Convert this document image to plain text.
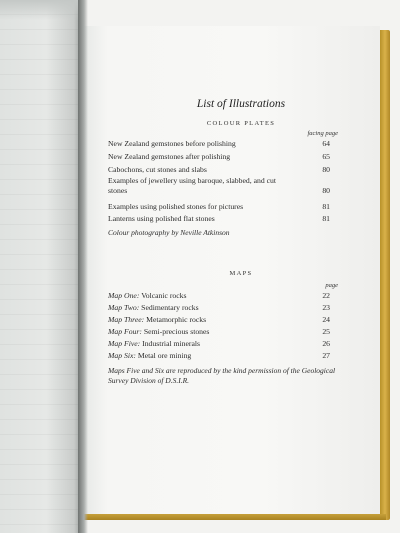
List of Illustrations
COLOUR PLATES
facing page
New Zealand gemstones before polishing	64
New Zealand gemstones after polishing	65
Cabochons, cut stones and slabs	80
Examples of jewellery using baroque, slabbed, and cut stones	80
Examples using polished stones for pictures	81
Lanterns using polished flat stones	81
Colour photography by Neville Atkinson
MAPS
page
Map One: Volcanic rocks	22
Map Two: Sedimentary rocks	23
Map Three: Metamorphic rocks	24
Map Four: Semi-precious stones	25
Map Five: Industrial minerals	26
Map Six: Metal ore mining	27
Maps Five and Six are reproduced by the kind permission of the Geological Survey Division of D.S.I.R.
